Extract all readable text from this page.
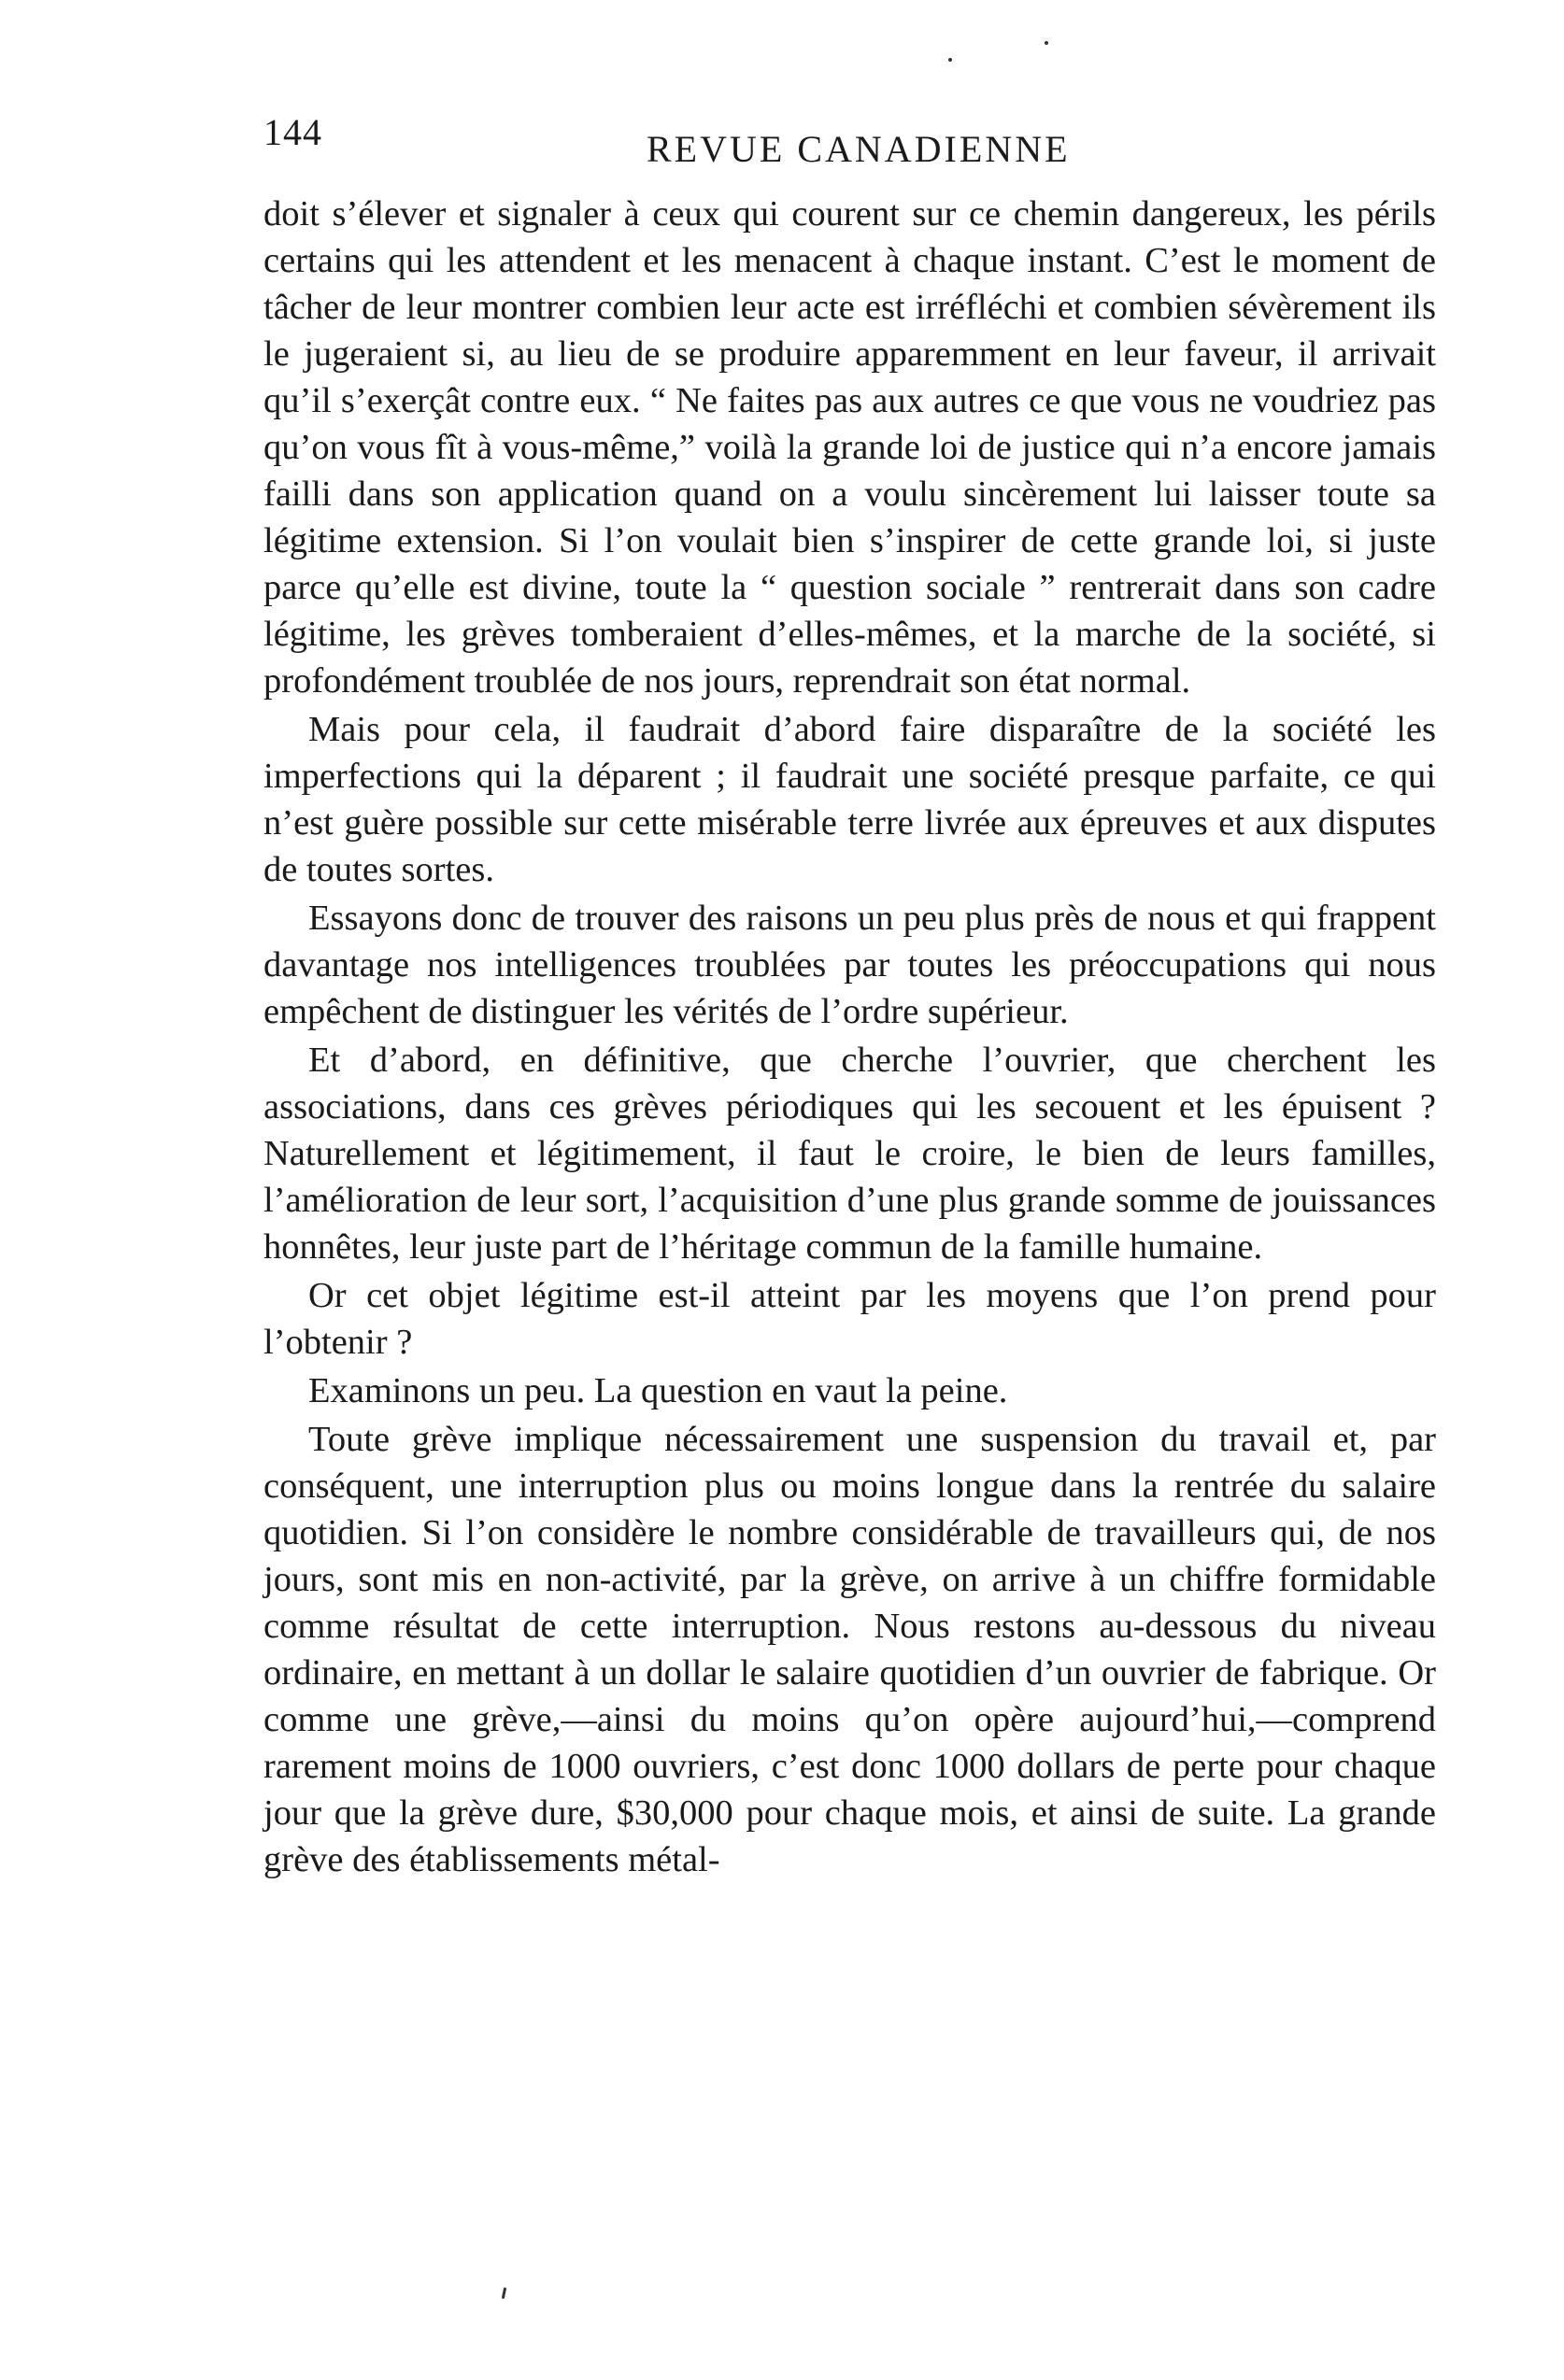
144	REVUE CANADIENNE

doit s’élever et signaler à ceux qui courent sur ce chemin dangereux, les périls certains qui les attendent et les menacent à chaque instant. C’est le moment de tâcher de leur montrer combien leur acte est irréfléchi et combien sévèrement ils le jugeraient si, au lieu de se produire apparemment en leur faveur, il arrivait qu’il s’exerçât contre eux. “ Ne faites pas aux autres ce que vous ne voudriez pas qu’on vous fît à vous-même,” voilà la grande loi de justice qui n’a encore jamais failli dans son application quand on a voulu sincèrement lui laisser toute sa légitime extension. Si l’on voulait bien s’inspirer de cette grande loi, si juste parce qu’elle est divine, toute la “ question sociale ” rentrerait dans son cadre légitime, les grèves tomberaient d’elles-mêmes, et la marche de la société, si profondément troublée de nos jours, reprendrait son état normal.

Mais pour cela, il faudrait d’abord faire disparaître de la société les imperfections qui la déparent ; il faudrait une société presque parfaite, ce qui n’est guère possible sur cette misérable terre livrée aux épreuves et aux disputes de toutes sortes.

Essayons donc de trouver des raisons un peu plus près de nous et qui frappent davantage nos intelligences troublées par toutes les préoccupations qui nous empêchent de distinguer les vérités de l’ordre supérieur.

Et d’abord, en définitive, que cherche l’ouvrier, que cherchent les associations, dans ces grèves périodiques qui les secouent et les épuisent ? Naturellement et légitimement, il faut le croire, le bien de leurs familles, l’amélioration de leur sort, l’acquisition d’une plus grande somme de jouissances honnêtes, leur juste part de l’héritage commun de la famille humaine.

Or cet objet légitime est-il atteint par les moyens que l’on prend pour l’obtenir ?

Examinons un peu. La question en vaut la peine.

Toute grève implique nécessairement une suspension du travail et, par conséquent, une interruption plus ou moins longue dans la rentrée du salaire quotidien. Si l’on considère le nombre considérable de travailleurs qui, de nos jours, sont mis en non-activité, par la grève, on arrive à un chiffre formidable comme résultat de cette interruption. Nous restons au-dessous du niveau ordinaire, en mettant à un dollar le salaire quotidien d’un ouvrier de fabrique. Or comme une grève,—ainsi du moins qu’on opère aujourd’hui,—comprend rarement moins de 1000 ouvriers, c’est donc 1000 dollars de perte pour chaque jour que la grève dure, $30,000 pour chaque mois, et ainsi de suite. La grande grève des établissements métal-
